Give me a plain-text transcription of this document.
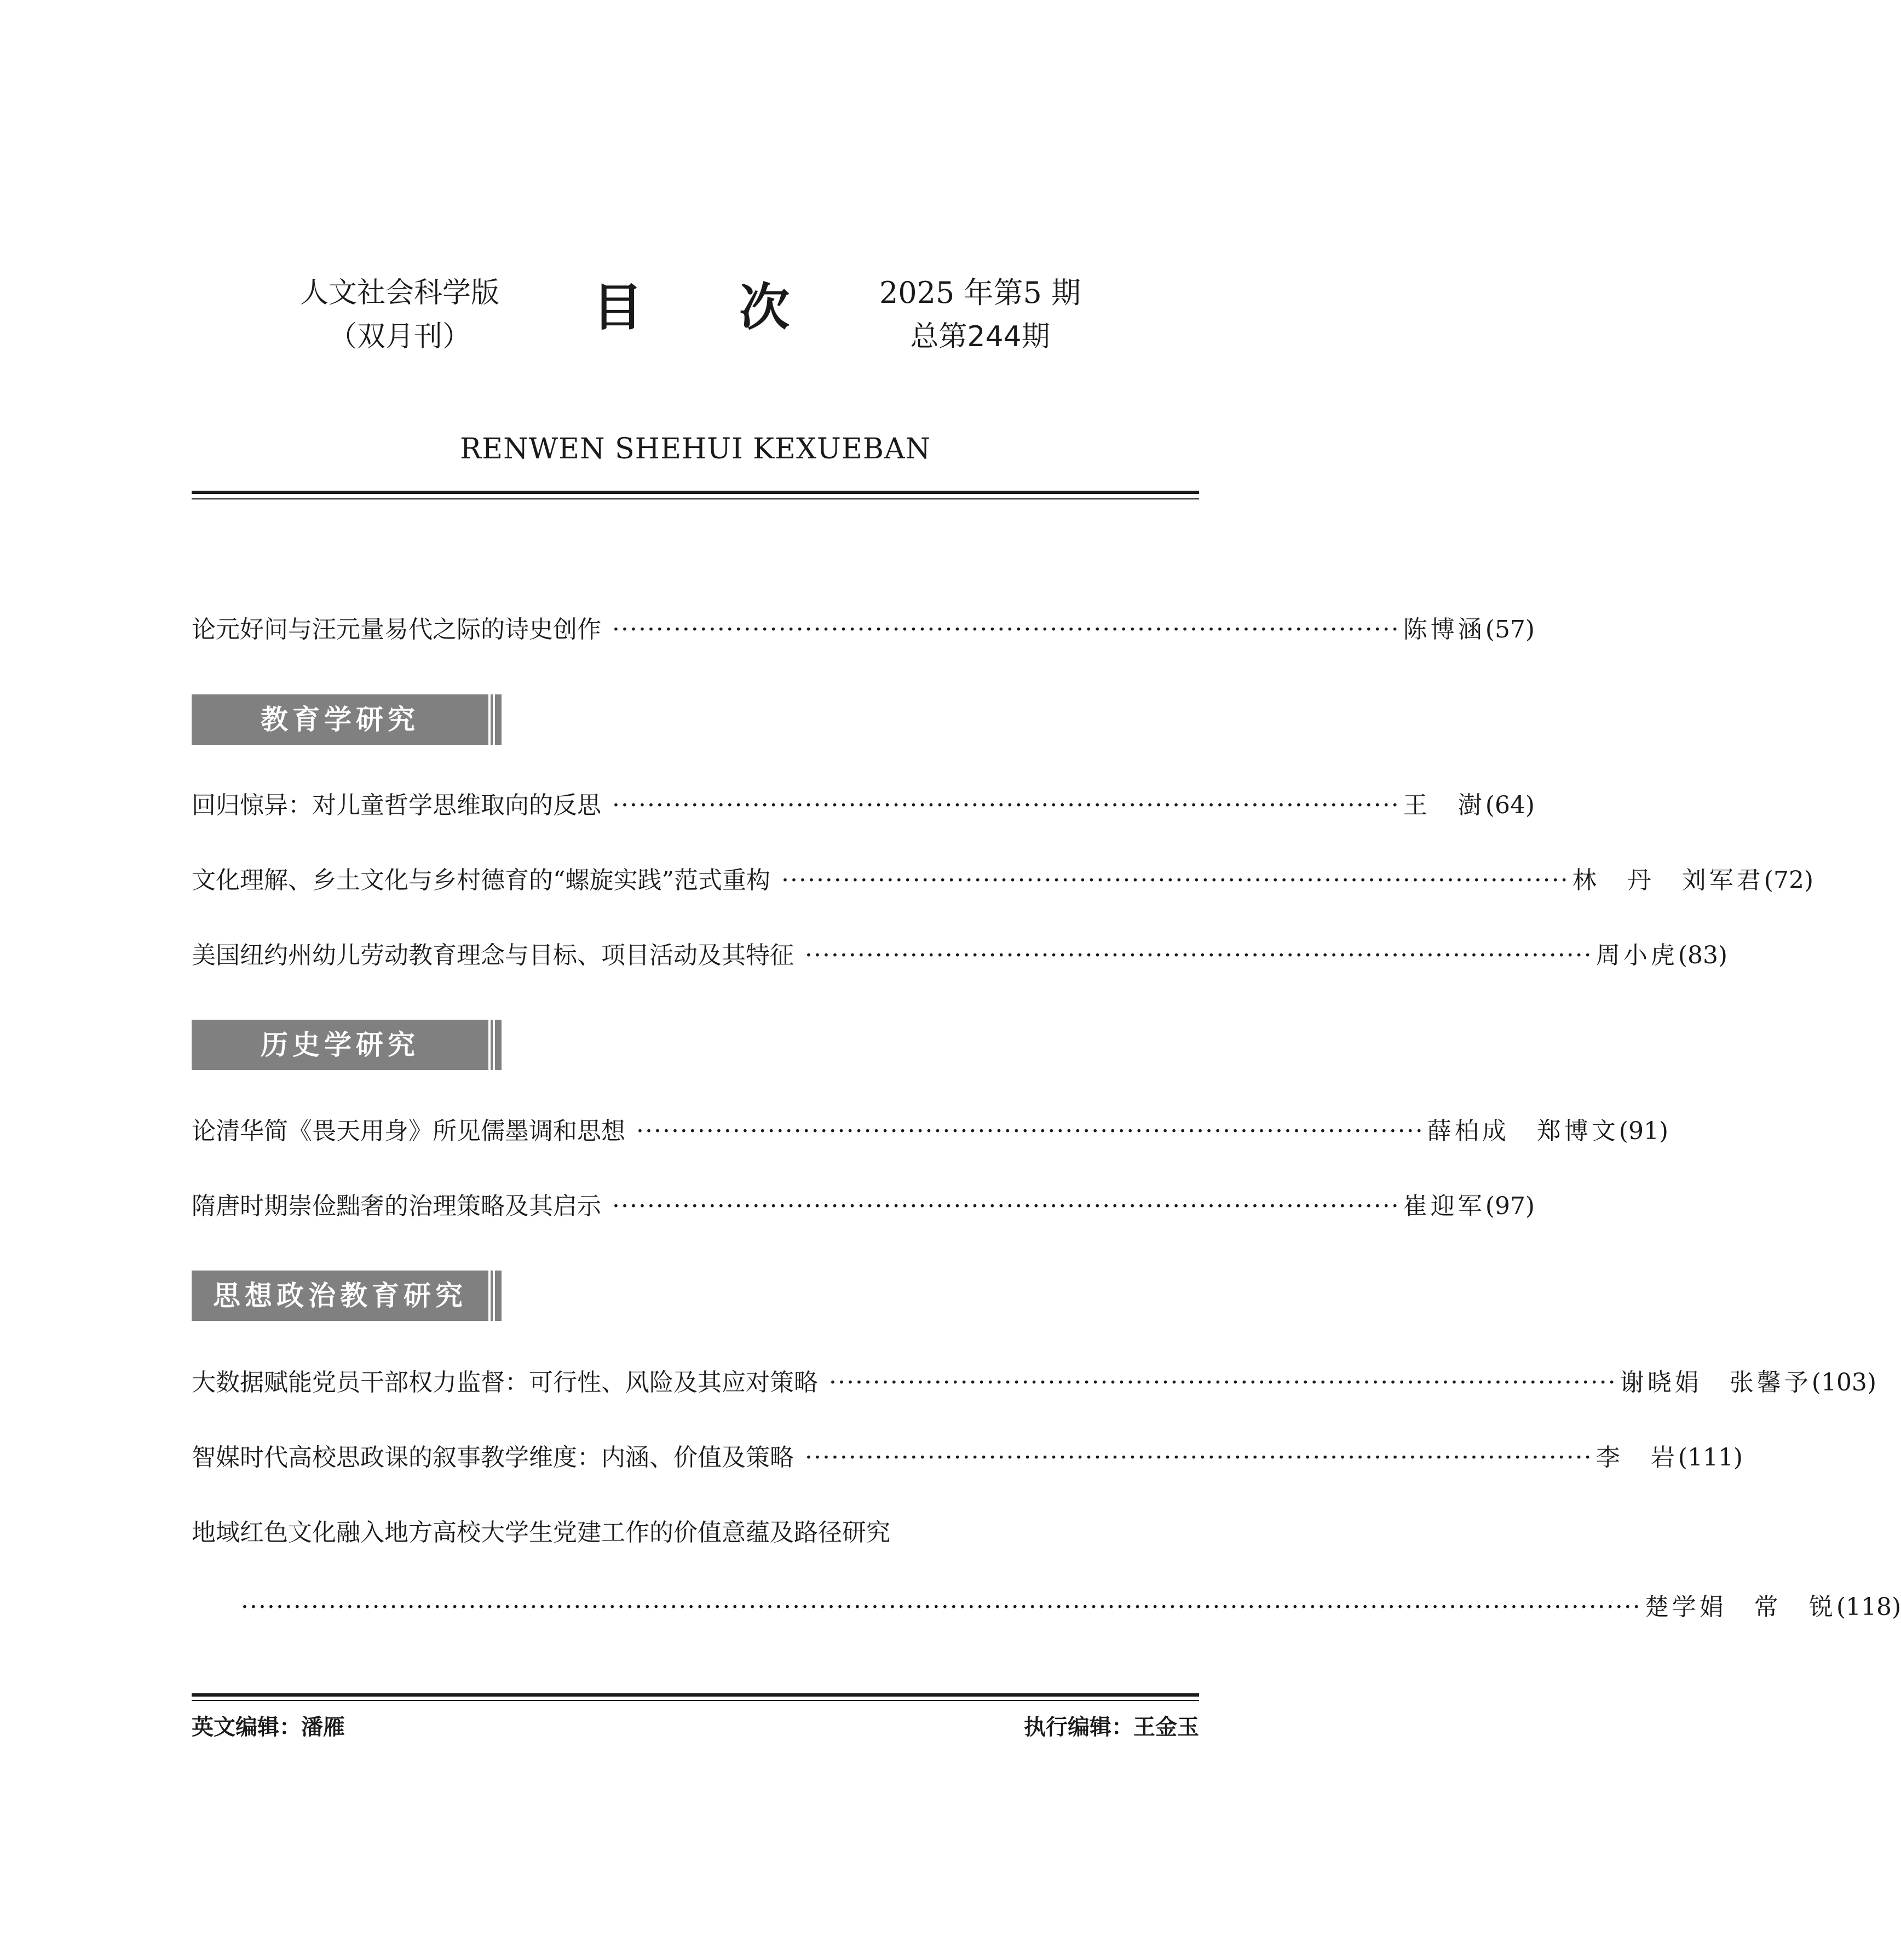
人文社会科学版
（双月刊）	目 次	2025 年第5 期
总第244期
RENWEN SHEHUI KEXUEBAN
论元好问与汪元量易代之际的诗史创作 ·························································································· 陈博涵 (57)
教育学研究
回归惊异：对儿童哲学思维取向的反思 ·························································································· 王　澍 (64)
文化理解、乡土文化与乡村德育的“螺旋实践”范式重构 ·························································································· 林　丹　刘军君 (72)
美国纽约州幼儿劳动教育理念与目标、项目活动及其特征 ·························································································· 周小虎 (83)
历史学研究
论清华简《畏天用身》所见儒墨调和思想 ·························································································· 薛柏成　郑博文 (91)
隋唐时期崇俭黜奢的治理策略及其启示 ·························································································· 崔迎军 (97)
思想政治教育研究
大数据赋能党员干部权力监督：可行性、风险及其应对策略 ·························································································· 谢晓娟　张馨予 (103)
智媒时代高校思政课的叙事教学维度：内涵、价值及策略 ·························································································· 李　岩 (111)
地域红色文化融入地方高校大学生党建工作的价值意蕴及路径研究
································································································································································ 楚学娟　常　锐 (118)
英文编辑：潘雁	执行编辑：王金玉
